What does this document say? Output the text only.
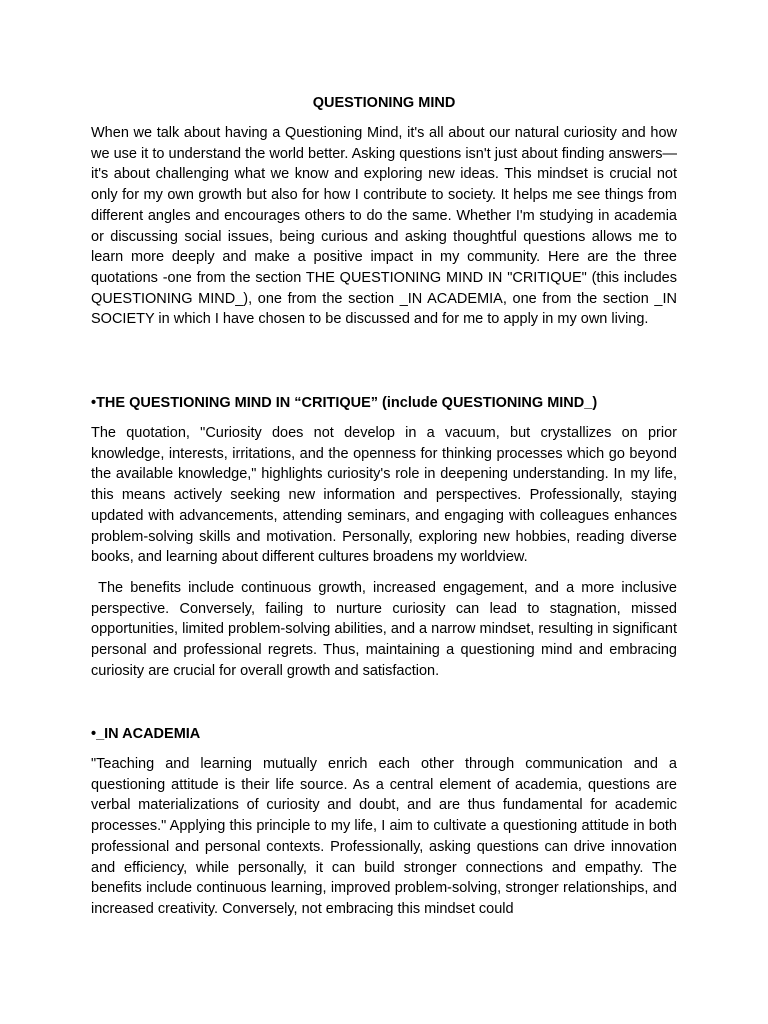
QUESTIONING MIND

When we talk about having a Questioning Mind, it's all about our natural curiosity and how we use it to understand the world better. Asking questions isn't just about finding answers—it's about challenging what we know and exploring new ideas. This mindset is crucial not only for my own growth but also for how I contribute to society. It helps me see things from different angles and encourages others to do the same. Whether I'm studying in academia or discussing social issues, being curious and asking thoughtful questions allows me to learn more deeply and make a positive impact in my community. Here are the three quotations -one from the section THE QUESTIONING MIND IN "CRITIQUE" (this includes QUESTIONING MIND_), one from the section _IN ACADEMIA, one from the section _IN SOCIETY in which I have chosen to be discussed and for me to apply in my own living.

•THE QUESTIONING MIND IN “CRITIQUE” (include QUESTIONING MIND_)

The quotation, "Curiosity does not develop in a vacuum, but crystallizes on prior knowledge, interests, irritations, and the openness for thinking processes which go beyond the available knowledge," highlights curiosity's role in deepening understanding. In my life, this means actively seeking new information and perspectives. Professionally, staying updated with advancements, attending seminars, and engaging with colleagues enhances problem-solving skills and motivation. Personally, exploring new hobbies, reading diverse books, and learning about different cultures broadens my worldview.

The benefits include continuous growth, increased engagement, and a more inclusive perspective. Conversely, failing to nurture curiosity can lead to stagnation, missed opportunities, limited problem-solving abilities, and a narrow mindset, resulting in significant personal and professional regrets. Thus, maintaining a questioning mind and embracing curiosity are crucial for overall growth and satisfaction.

•_IN ACADEMIA

"Teaching and learning mutually enrich each other through communication and a questioning attitude is their life source. As a central element of academia, questions are verbal materializations of curiosity and doubt, and are thus fundamental for academic processes." Applying this principle to my life, I aim to cultivate a questioning attitude in both professional and personal contexts. Professionally, asking questions can drive innovation and efficiency, while personally, it can build stronger connections and empathy. The benefits include continuous learning, improved problem-solving, stronger relationships, and increased creativity. Conversely, not embracing this mindset could
